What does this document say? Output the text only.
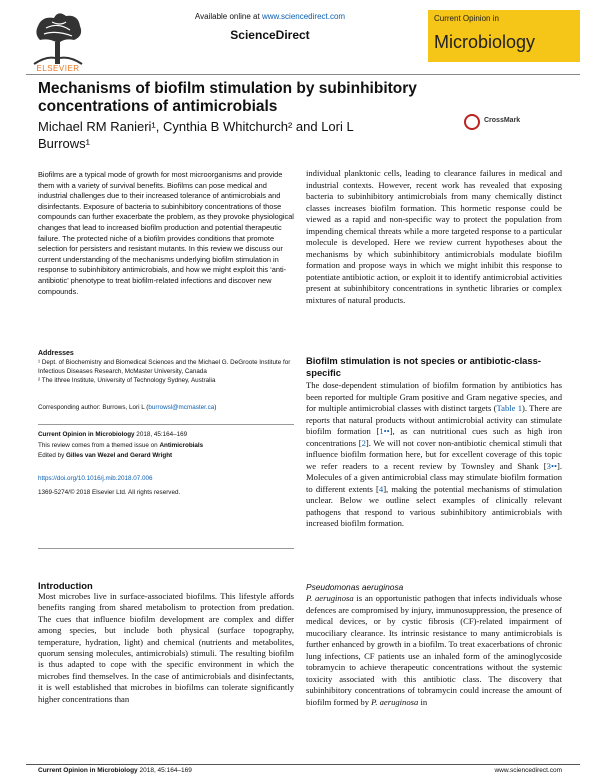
ELSEVIER
Available online at www.sciencedirect.com
ScienceDirect
Current Opinion in
Microbiology
Mechanisms of biofilm stimulation by subinhibitory concentrations of antimicrobials
Michael RM Ranieri¹, Cynthia B Whitchurch² and Lori L Burrows¹
CrossMark

Biofilms are a typical mode of growth for most microorganisms and provide them with a variety of survival benefits. Biofilms can pose medical and industrial challenges due to their increased tolerance of antimicrobials and disinfectants. Exposure of bacteria to subinhibitory concentrations of those compounds can further exacerbate the problem, as they provoke physiological changes that lead to increased biofilm production and potential therapeutic failure. The protected niche of a biofilm provides conditions that promote selection for persisters and resistant mutants. In this review we discuss our current understanding of the mechanisms underlying biofilm stimulation in response to subinhibitory antimicrobials, and how we might exploit this ‘anti-antibiotic’ phenotype to treat biofilm-related infections and discover new compounds.

Addresses
¹ Dept. of Biochemistry and Biomedical Sciences and the Michael G. DeGroote Institute for Infectious Diseases Research, McMaster University, Canada
² The ithree Institute, University of Technology Sydney, Australia
Corresponding author: Burrows, Lori L (burrowsl@mcmaster.ca)
Current Opinion in Microbiology 2018, 45:164–169
This review comes from a themed issue on Antimicrobials
Edited by Gilles van Wezel and Gerard Wright
https://doi.org/10.1016/j.mib.2018.07.006
1369-5274/© 2018 Elsevier Ltd. All rights reserved.
Introduction
Most microbes live in surface-associated biofilms. This lifestyle affords benefits ranging from shared metabolism to protection from predation. The cues that influence biofilm development are complex and differ among species, but include both physical (surface topography, temperature, hydration, light) and chemical (nutrients and metabolites, quorum sensing molecules, antimicrobials) stimuli. The resulting biofilm is thus adapted to cope with the specific environment in which the microbes find themselves. In the case of antimicrobials and disinfectants, it is well established that microbes in biofilms can tolerate significantly higher concentrations than
individual planktonic cells, leading to clearance failures in medical and industrial contexts. However, recent work has revealed that exposing bacteria to subinhibitory antimicrobials from many chemically distinct classes increases biofilm formation. This hormetic response could be viewed as a rapid and non-specific way to protect the population from impending chemical threats while a more targeted response to a particular molecule is developed. Here we review current hypotheses about the mechanisms by which subinhibitory antimicrobials modulate biofilm formation and propose ways in which we might inhibit this response to potentiate antibiotic action, or exploit it to identify antimicrobial activities present at subinhibitory concentrations in synthetic libraries or complex mixtures of natural products.
Biofilm stimulation is not species or antibiotic-class-specific
The dose-dependent stimulation of biofilm formation by antibiotics has been reported for multiple Gram positive and Gram negative species, and for multiple antimicrobial classes with distinct targets (Table 1). There are reports that natural products without antimicrobial activity can stimulate biofilm formation [1••], as can nutritional cues such as high iron concentrations [2]. We will not cover non-antibiotic chemical stimuli that influence biofilm formation here, but for excellent coverage of this topic we refer readers to a recent review by Townsley and Shank [3••]. Molecules of a given antimicrobial class may stimulate biofilm formation to different extents [4], making the potential mechanisms of stimulation unclear. Below we outline select examples of clinically relevant pathogens that respond to various subinhibitory antimicrobials with increased biofilm formation.
Pseudomonas aeruginosa
P. aeruginosa is an opportunistic pathogen that infects individuals whose defences are compromised by injury, immunosuppression, the presence of medical devices, or by cystic fibrosis (CF)-related impairment of mucociliary clearance. Its intrinsic resistance to many antimicrobials is further enhanced by growth in a biofilm. To treat exacerbations of chronic lung infections, CF patients use an inhaled form of the aminoglycoside tobramycin to achieve therapeutic concentrations without the systemic toxicity associated with this antibiotic class. The discovery that subinhibitory concentrations of tobramycin could increase the amount of biofilm formed by P. aeruginosa in
Current Opinion in Microbiology 2018, 45:164–169	www.sciencedirect.com
